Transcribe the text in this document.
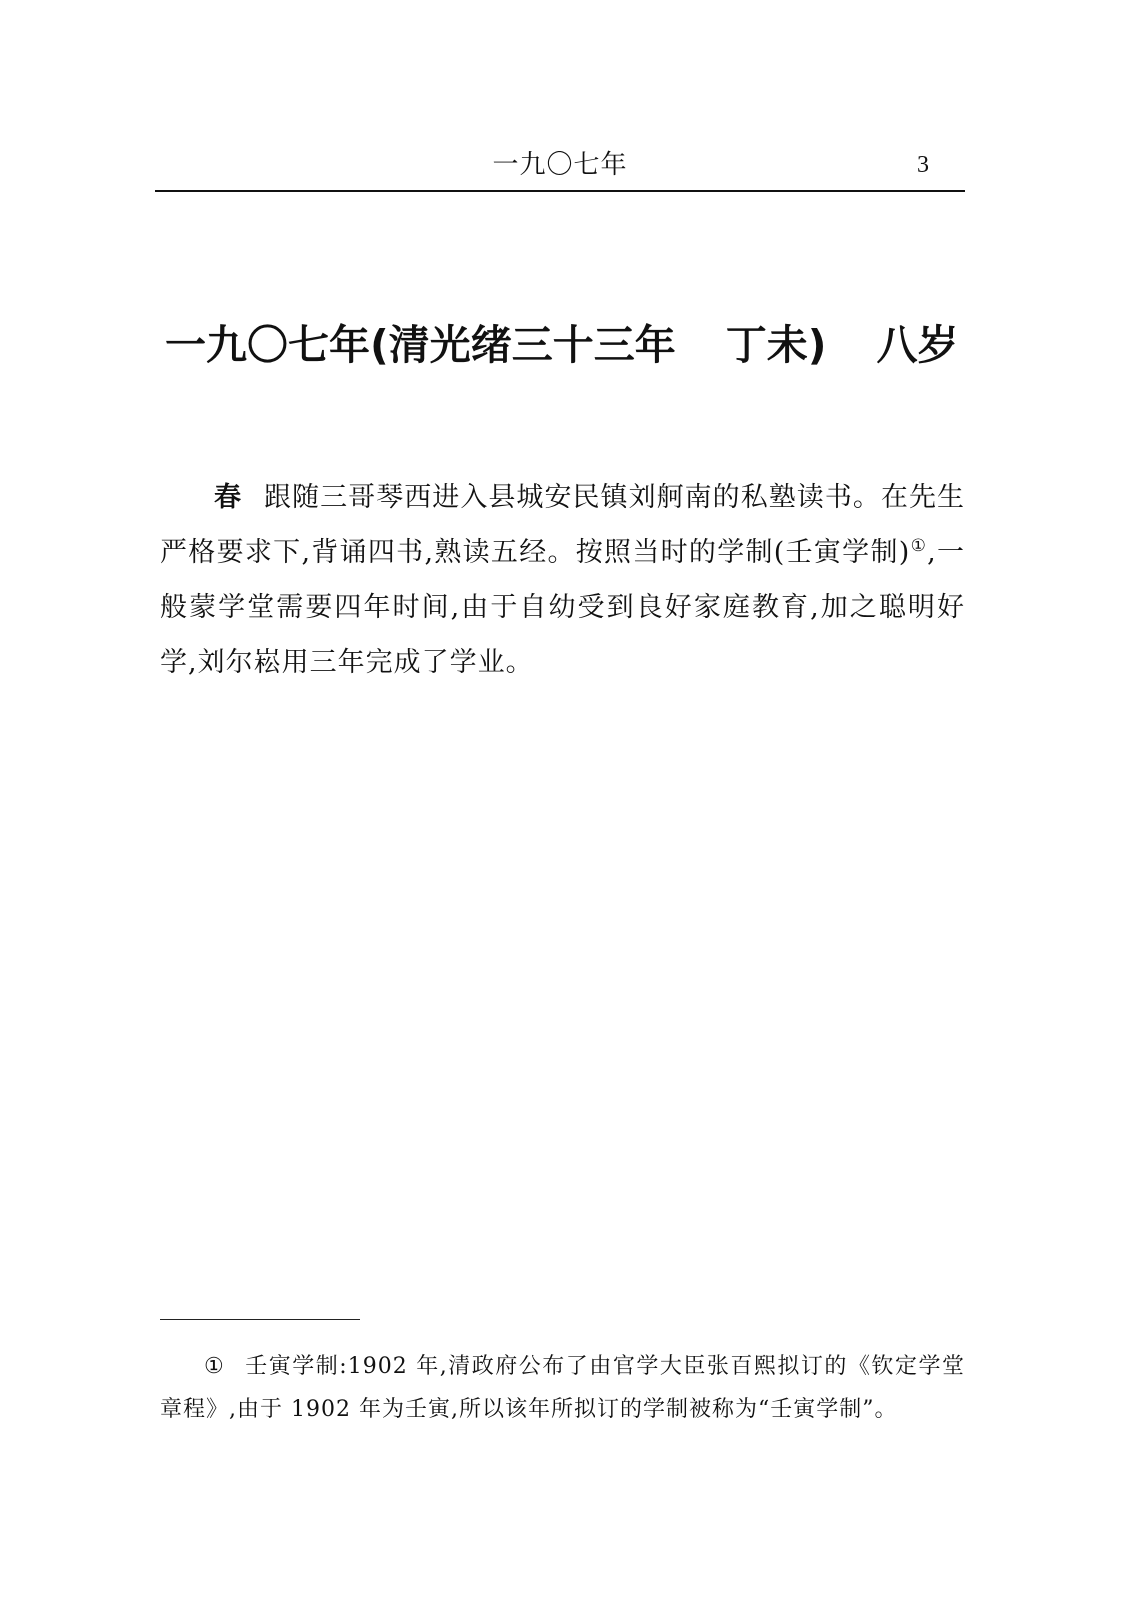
一九〇七年	3
一九〇七年(清光绪三十三年 丁未) 八岁

春 跟随三哥琴西进入县城安民镇刘舸南的私塾读书。在先生严格要求下,背诵四书,熟读五经。按照当时的学制(壬寅学制)①,一般蒙学堂需要四年时间,由于自幼受到良好家庭教育,加之聪明好学,刘尔崧用三年完成了学业。

① 壬寅学制:1902 年,清政府公布了由官学大臣张百熙拟订的《钦定学堂章程》,由于 1902 年为壬寅,所以该年所拟订的学制被称为“壬寅学制”。
